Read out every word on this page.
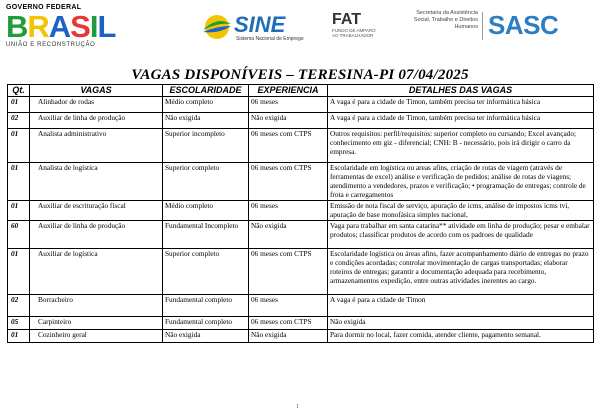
GOVERNO FEDERAL
BRASIL
UNIÃO E RECONSTRUÇÃO
SINE
Sistema Nacional de Emprego
FAT
FUNDO DE AMPARO AO TRABALHADOR
Secretaria da Assistência Social, Trabalho e Direitos Humanos SASC
VAGAS DISPONÍVEIS – TERESINA-PI 07/04/2025
Qt.	VAGAS	ESCOLARIDADE	EXPERIENCIA	DETALHES DAS VAGAS
01	Alinhador de rodas	Médio completo	06 meses	A vaga é para a cidade de Timon, também precisa ter informática básica
02	Auxiliar de linha de produção	Não exigida	Não exigida	A vaga é para a cidade de Timon, também precisa ter informática básica
01	Analista administrativo	Superior incompleto	06 meses com CTPS	Outros requisitos: perfil/requisitos: superior completo ou cursando; Excel avançado; conhecimento em giz - diferencial; CNH: B - necessário, pois irá dirigir o carro da empresa.
01	Analista de logística	Superior completo	06 meses com CTPS	Escolaridade em logística ou areas afins, criação de rotas de viagem (através de ferramentas de excel) análise e verificação de pedidos; análise de rotas de viagens; atendimento a vendedores, prazos e verificação; • programação de entregas; controle de frota e carregamentos
01	Auxiliar de escrituração fiscal	Médio completo	06 meses	Emissão de nota fiscal de serviço, apuração de icms, análise de impostos icms tvi, apuração de base monofásica simples nacional,
60	Auxiliar de linha de produção	Fundamental Incompleto	Não exigida	Vaga para trabalhar em santa catarina** atividade em linha de produção; pesar e embalar produtos; classificar produtos de acordo com os padroes de qualidade
01	Auxiliar de logística	Superior completo	06 meses com CTPS	Escolaridade logística ou áreas afins, fazer acompanhamento diário de entregas no prazo e condições acordadas; controlar movimentação de cargas transportadas; elaborar roteiros de entregas; garantir a documentação adequada para recebimento, armazenamentos expedição, entre outras atividades inerentes ao cargo.
02	Borracheiro	Fundamental completo	06 meses	A vaga é para a cidade de Timon
05	Carpinteiro	Fundamental completo	06 meses com CTPS	Não exigida
01	Cozinheiro geral	Não exigida	Não exigida	Para dormir no local, fazer comida, atender cliente, pagamento semanal.
1
